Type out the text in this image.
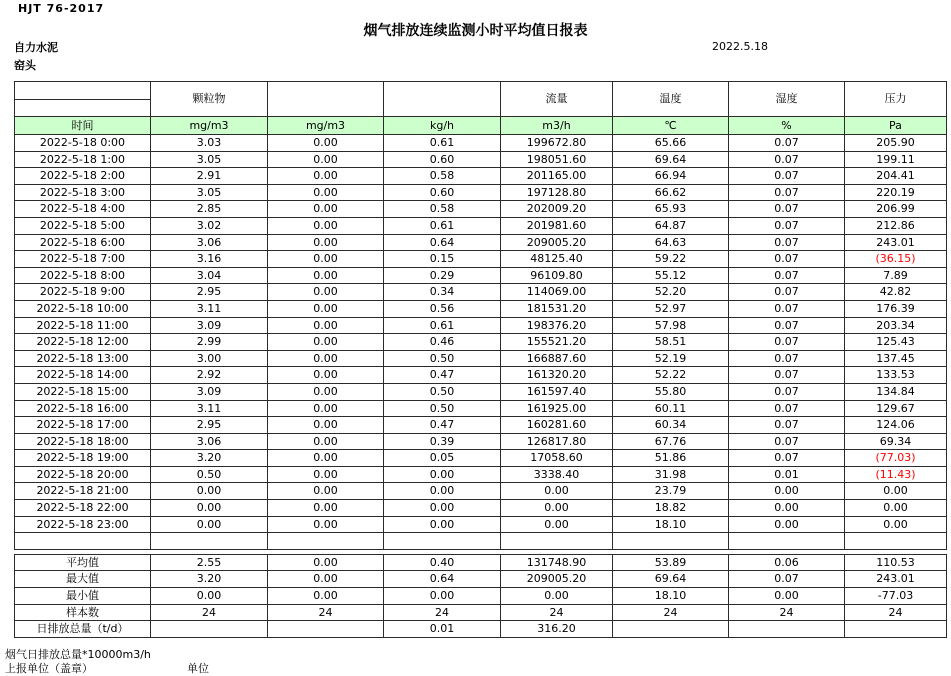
HJT 76-2017
烟气排放连续监测小时平均值日报表
2022.5.18
自力水泥
窑头
	颗粒物			流量	温度	湿度	压力

时间	mg/m3	mg/m3	kg/h	m3/h	℃	%	Pa
2022-5-18 0:00	3.03	0.00	0.61	199672.80	65.66	0.07	205.90
2022-5-18 1:00	3.05	0.00	0.60	198051.60	69.64	0.07	199.11
2022-5-18 2:00	2.91	0.00	0.58	201165.00	66.94	0.07	204.41
2022-5-18 3:00	3.05	0.00	0.60	197128.80	66.62	0.07	220.19
2022-5-18 4:00	2.85	0.00	0.58	202009.20	65.93	0.07	206.99
2022-5-18 5:00	3.02	0.00	0.61	201981.60	64.87	0.07	212.86
2022-5-18 6:00	3.06	0.00	0.64	209005.20	64.63	0.07	243.01
2022-5-18 7:00	3.16	0.00	0.15	48125.40	59.22	0.07	(36.15)
2022-5-18 8:00	3.04	0.00	0.29	96109.80	55.12	0.07	7.89
2022-5-18 9:00	2.95	0.00	0.34	114069.00	52.20	0.07	42.82
2022-5-18 10:00	3.11	0.00	0.56	181531.20	52.97	0.07	176.39
2022-5-18 11:00	3.09	0.00	0.61	198376.20	57.98	0.07	203.34
2022-5-18 12:00	2.99	0.00	0.46	155521.20	58.51	0.07	125.43
2022-5-18 13:00	3.00	0.00	0.50	166887.60	52.19	0.07	137.45
2022-5-18 14:00	2.92	0.00	0.47	161320.20	52.22	0.07	133.53
2022-5-18 15:00	3.09	0.00	0.50	161597.40	55.80	0.07	134.84
2022-5-18 16:00	3.11	0.00	0.50	161925.00	60.11	0.07	129.67
2022-5-18 17:00	2.95	0.00	0.47	160281.60	60.34	0.07	124.06
2022-5-18 18:00	3.06	0.00	0.39	126817.80	67.76	0.07	69.34
2022-5-18 19:00	3.20	0.00	0.05	17058.60	51.86	0.07	(77.03)
2022-5-18 20:00	0.50	0.00	0.00	3338.40	31.98	0.01	(11.43)
2022-5-18 21:00	0.00	0.00	0.00	0.00	23.79	0.00	0.00
2022-5-18 22:00	0.00	0.00	0.00	0.00	18.82	0.00	0.00
2022-5-18 23:00	0.00	0.00	0.00	0.00	18.10	0.00	0.00

平均值	2.55	0.00	0.40	131748.90	53.89	0.06	110.53
最大值	3.20	0.00	0.64	209005.20	69.64	0.07	243.01
最小值	0.00	0.00	0.00	0.00	18.10	0.00	-77.03
样本数	24	24	24	24	24	24	24
日排放总量（t/d）			0.01	316.20			
烟气日排放总量*10000m3/h
上报单位（盖章）	单位
